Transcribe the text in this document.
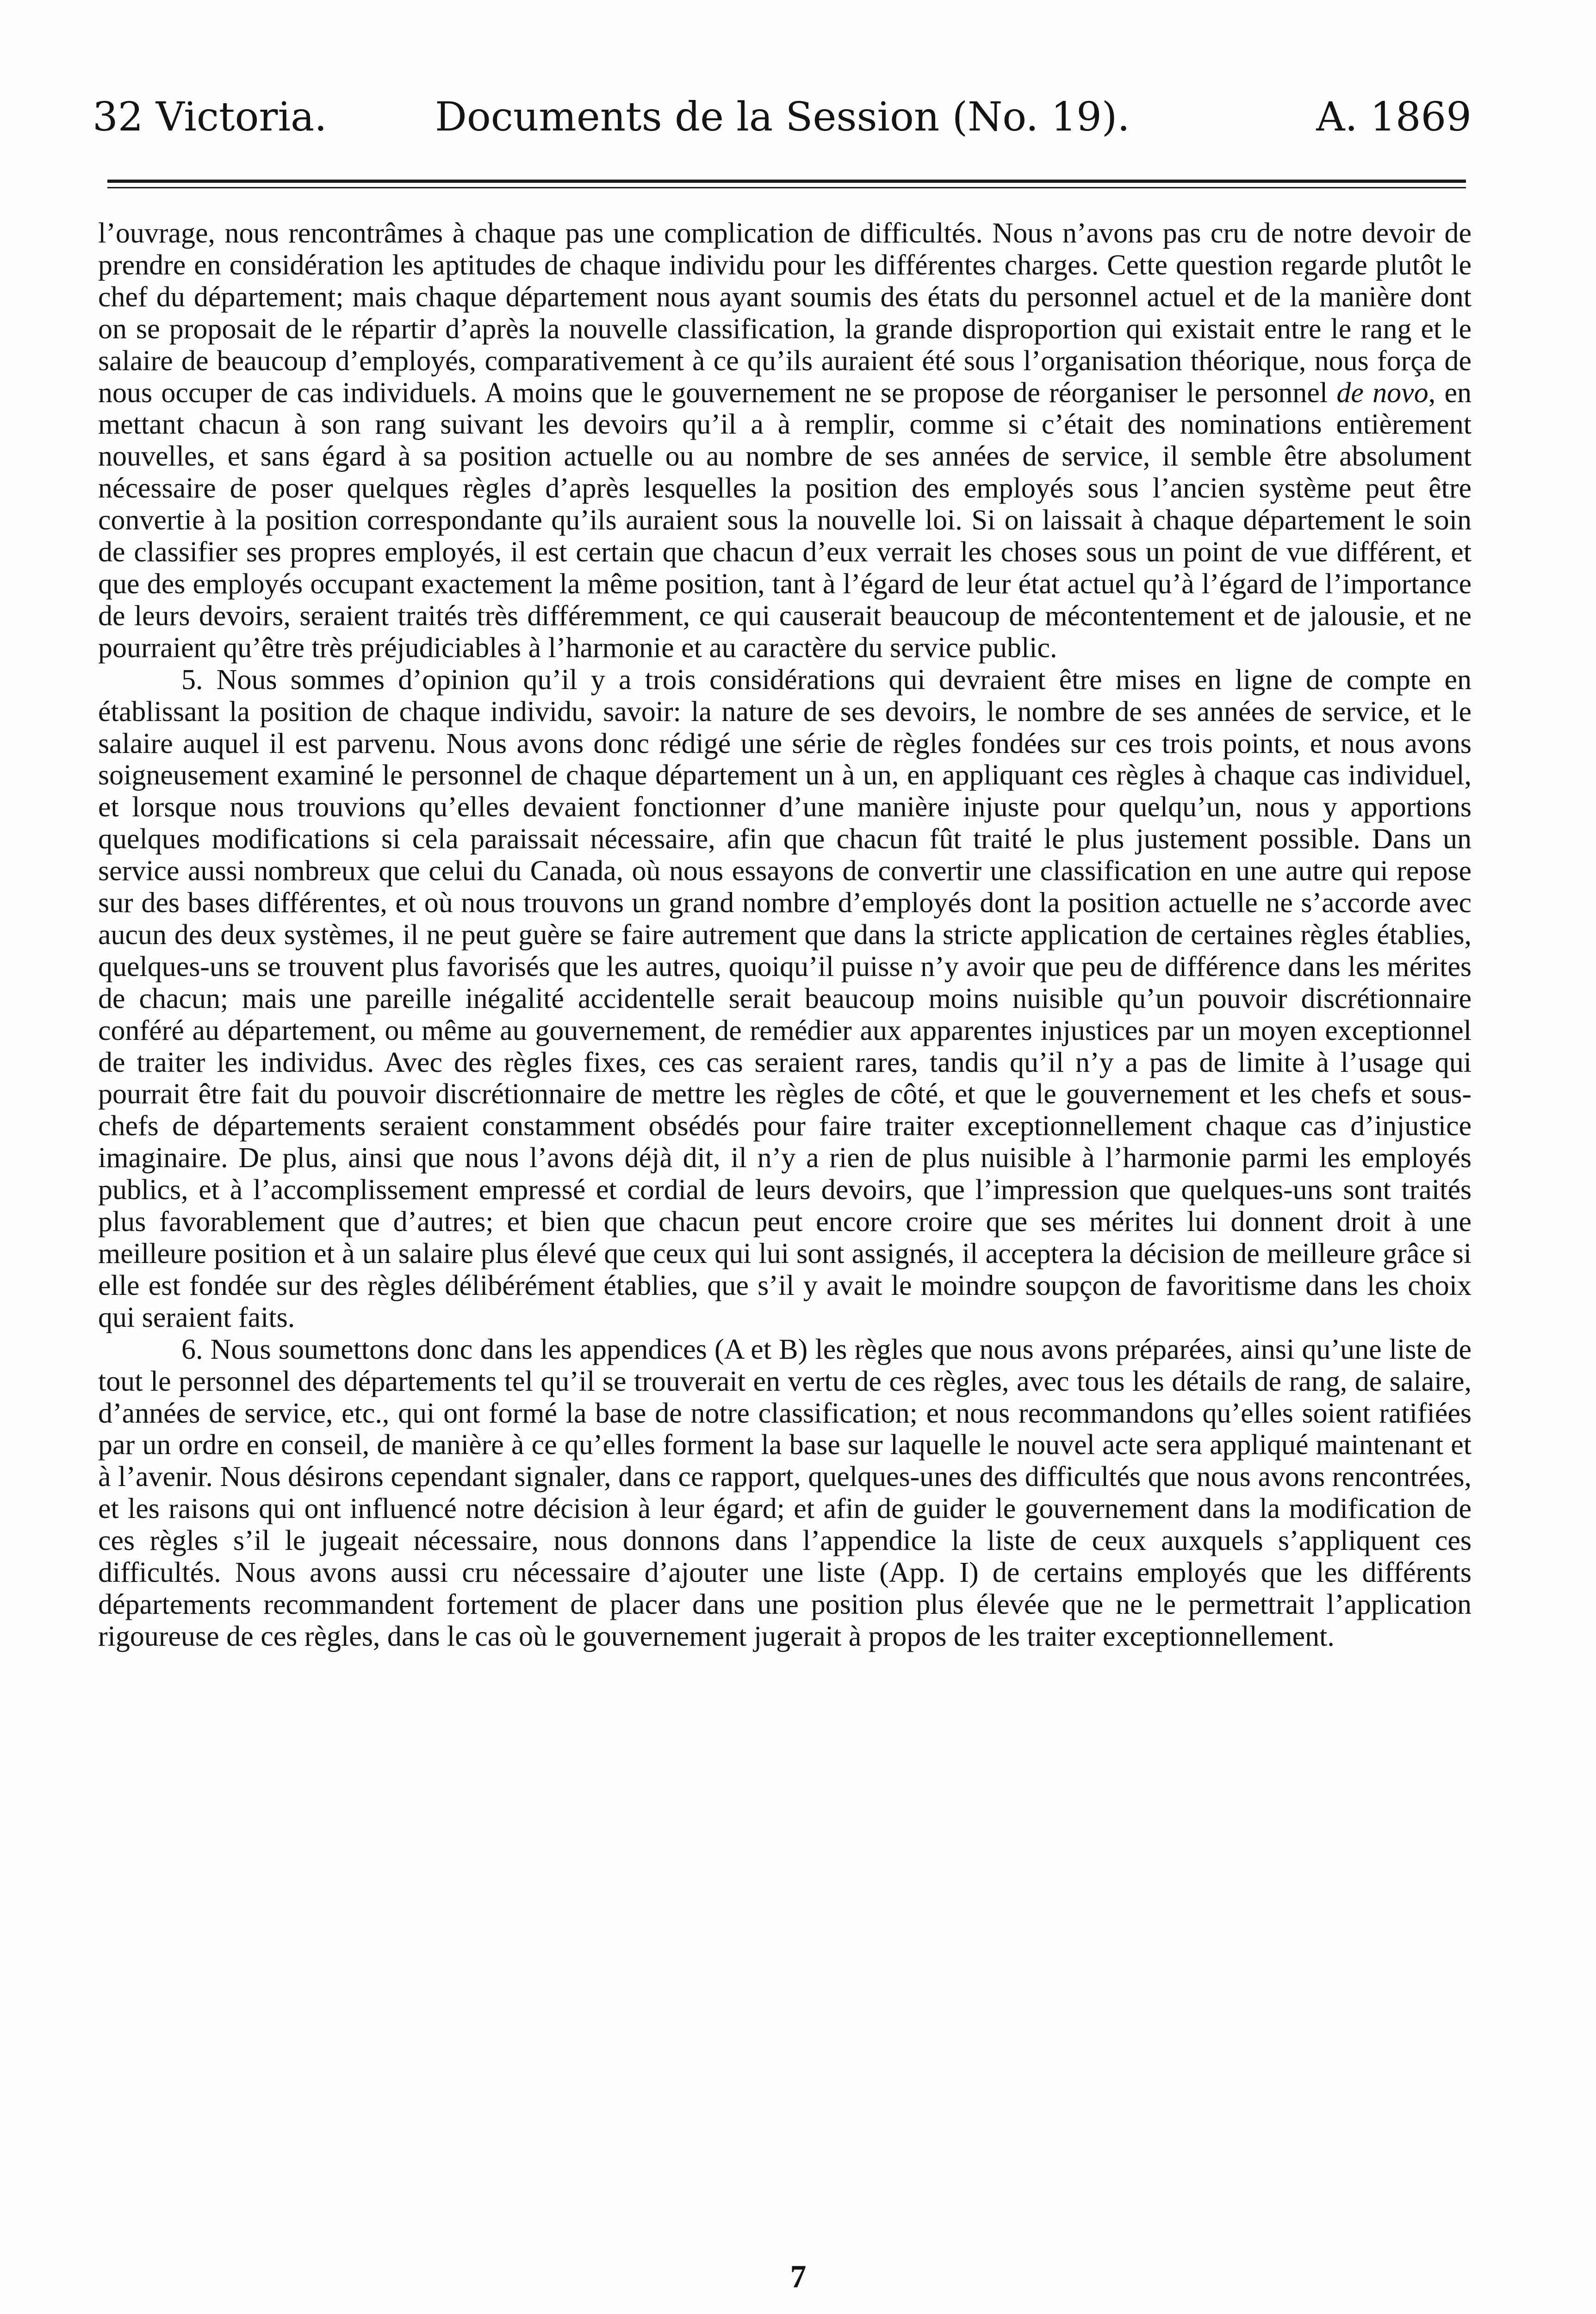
32 Victoria.	Documents de la Session (No. 19).	A. 1869

l’ouvrage, nous rencontrâmes à chaque pas une complication de difficultés. Nous n’avons pas cru de notre devoir de prendre en considération les aptitudes de chaque individu pour les différentes charges. Cette question regarde plutôt le chef du département; mais chaque département nous ayant soumis des états du personnel actuel et de la manière dont on se proposait de le répartir d’après la nouvelle classification, la grande disproportion qui existait entre le rang et le salaire de beaucoup d’employés, comparativement à ce qu’ils auraient été sous l’organisation théorique, nous força de nous occuper de cas individuels. A moins que le gouvernement ne se propose de réorganiser le personnel de novo, en mettant chacun à son rang suivant les devoirs qu’il a à remplir, comme si c’était des nominations entièrement nouvelles, et sans égard à sa position actuelle ou au nombre de ses années de service, il semble être absolument nécessaire de poser quelques règles d’après lesquelles la position des employés sous l’ancien système peut être convertie à la position correspondante qu’ils auraient sous la nouvelle loi. Si on laissait à chaque département le soin de classifier ses propres employés, il est certain que chacun d’eux verrait les choses sous un point de vue différent, et que des employés occupant exactement la même position, tant à l’égard de leur état actuel qu’à l’égard de l’importance de leurs devoirs, seraient traités très différemment, ce qui causerait beaucoup de mécontentement et de jalousie, et ne pourraient qu’être très préjudiciables à l’harmonie et au caractère du service public.

5. Nous sommes d’opinion qu’il y a trois considérations qui devraient être mises en ligne de compte en établissant la position de chaque individu, savoir: la nature de ses devoirs, le nombre de ses années de service, et le salaire auquel il est parvenu. Nous avons donc rédigé une série de règles fondées sur ces trois points, et nous avons soigneusement examiné le personnel de chaque département un à un, en appliquant ces règles à chaque cas individuel, et lorsque nous trouvions qu’elles devaient fonctionner d’une manière injuste pour quelqu’un, nous y apportions quelques modifications si cela paraissait nécessaire, afin que chacun fût traité le plus justement possible. Dans un service aussi nombreux que celui du Canada, où nous essayons de convertir une classification en une autre qui repose sur des bases différentes, et où nous trouvons un grand nombre d’employés dont la position actuelle ne s’accorde avec aucun des deux systèmes, il ne peut guère se faire autrement que dans la stricte application de certaines règles établies, quelques-uns se trouvent plus favorisés que les autres, quoiqu’il puisse n’y avoir que peu de différence dans les mérites de chacun; mais une pareille inégalité accidentelle serait beaucoup moins nuisible qu’un pouvoir discrétionnaire conféré au département, ou même au gouvernement, de remédier aux apparentes injustices par un moyen exceptionnel de traiter les individus. Avec des règles fixes, ces cas seraient rares, tandis qu’il n’y a pas de limite à l’usage qui pourrait être fait du pouvoir discrétionnaire de mettre les règles de côté, et que le gouvernement et les chefs et sous-chefs de départements seraient constamment obsédés pour faire traiter exceptionnellement chaque cas d’injustice imaginaire. De plus, ainsi que nous l’avons déjà dit, il n’y a rien de plus nuisible à l’harmonie parmi les employés publics, et à l’accomplissement empressé et cordial de leurs devoirs, que l’impression que quelques-uns sont traités plus favorablement que d’autres; et bien que chacun peut encore croire que ses mérites lui donnent droit à une meilleure position et à un salaire plus élevé que ceux qui lui sont assignés, il acceptera la décision de meilleure grâce si elle est fondée sur des règles délibérément établies, que s’il y avait le moindre soupçon de favoritisme dans les choix qui seraient faits.

6. Nous soumettons donc dans les appendices (A et B) les règles que nous avons préparées, ainsi qu’une liste de tout le personnel des départements tel qu’il se trouverait en vertu de ces règles, avec tous les détails de rang, de salaire, d’années de service, etc., qui ont formé la base de notre classification; et nous recommandons qu’elles soient ratifiées par un ordre en conseil, de manière à ce qu’elles forment la base sur laquelle le nouvel acte sera appliqué maintenant et à l’avenir. Nous désirons cependant signaler, dans ce rapport, quelques-unes des difficultés que nous avons rencontrées, et les raisons qui ont influencé notre décision à leur égard; et afin de guider le gouvernement dans la modification de ces règles s’il le jugeait nécessaire, nous donnons dans l’appendice la liste de ceux auxquels s’appliquent ces difficultés. Nous avons aussi cru nécessaire d’ajouter une liste (App. I) de certains employés que les différents départements recommandent fortement de placer dans une position plus élevée que ne le permettrait l’application rigoureuse de ces règles, dans le cas où le gouvernement jugerait à propos de les traiter exceptionnellement.

7
